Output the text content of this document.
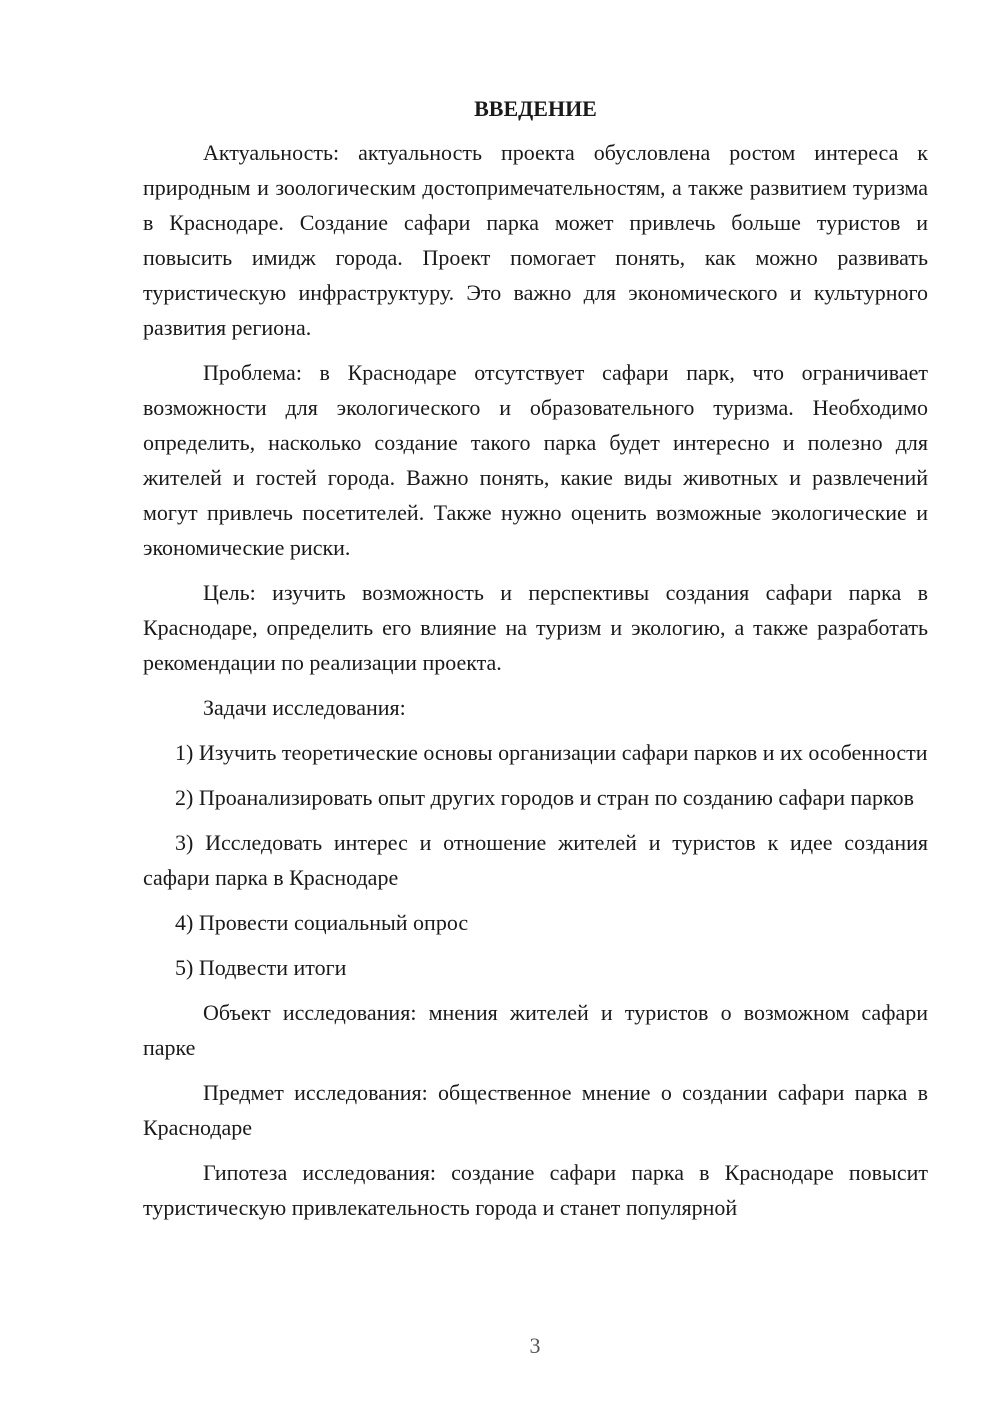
ВВЕДЕНИЕ

Актуальность: актуальность проекта обусловлена ростом интереса к природным и зоологическим достопримечательностям, а также развитием туризма в Краснодаре. Создание сафари парка может привлечь больше туристов и повысить имидж города. Проект помогает понять, как можно развивать туристическую инфраструктуру. Это важно для экономического и культурного развития региона.

Проблема: в Краснодаре отсутствует сафари парк, что ограничивает возможности для экологического и образовательного туризма. Необходимо определить, насколько создание такого парка будет интересно и полезно для жителей и гостей города. Важно понять, какие виды животных и развлечений могут привлечь посетителей. Также нужно оценить возможные экологические и экономические риски.

Цель: изучить возможность и перспективы создания сафари парка в Краснодаре, определить его влияние на туризм и экологию, а также разработать рекомендации по реализации проекта.

Задачи исследования:

1) Изучить теоретические основы организации сафари парков и их особенности

2) Проанализировать опыт других городов и стран по созданию сафари парков

3) Исследовать интерес и отношение жителей и туристов к идее создания сафари парка в Краснодаре

4) Провести социальный опрос

5) Подвести итоги

Объект исследования: мнения жителей и туристов о возможном сафари парке

Предмет исследования: общественное мнение о создании сафари парка в Краснодаре

Гипотеза исследования: создание сафари парка в Краснодаре повысит туристическую привлекательность города и станет популярной

3
